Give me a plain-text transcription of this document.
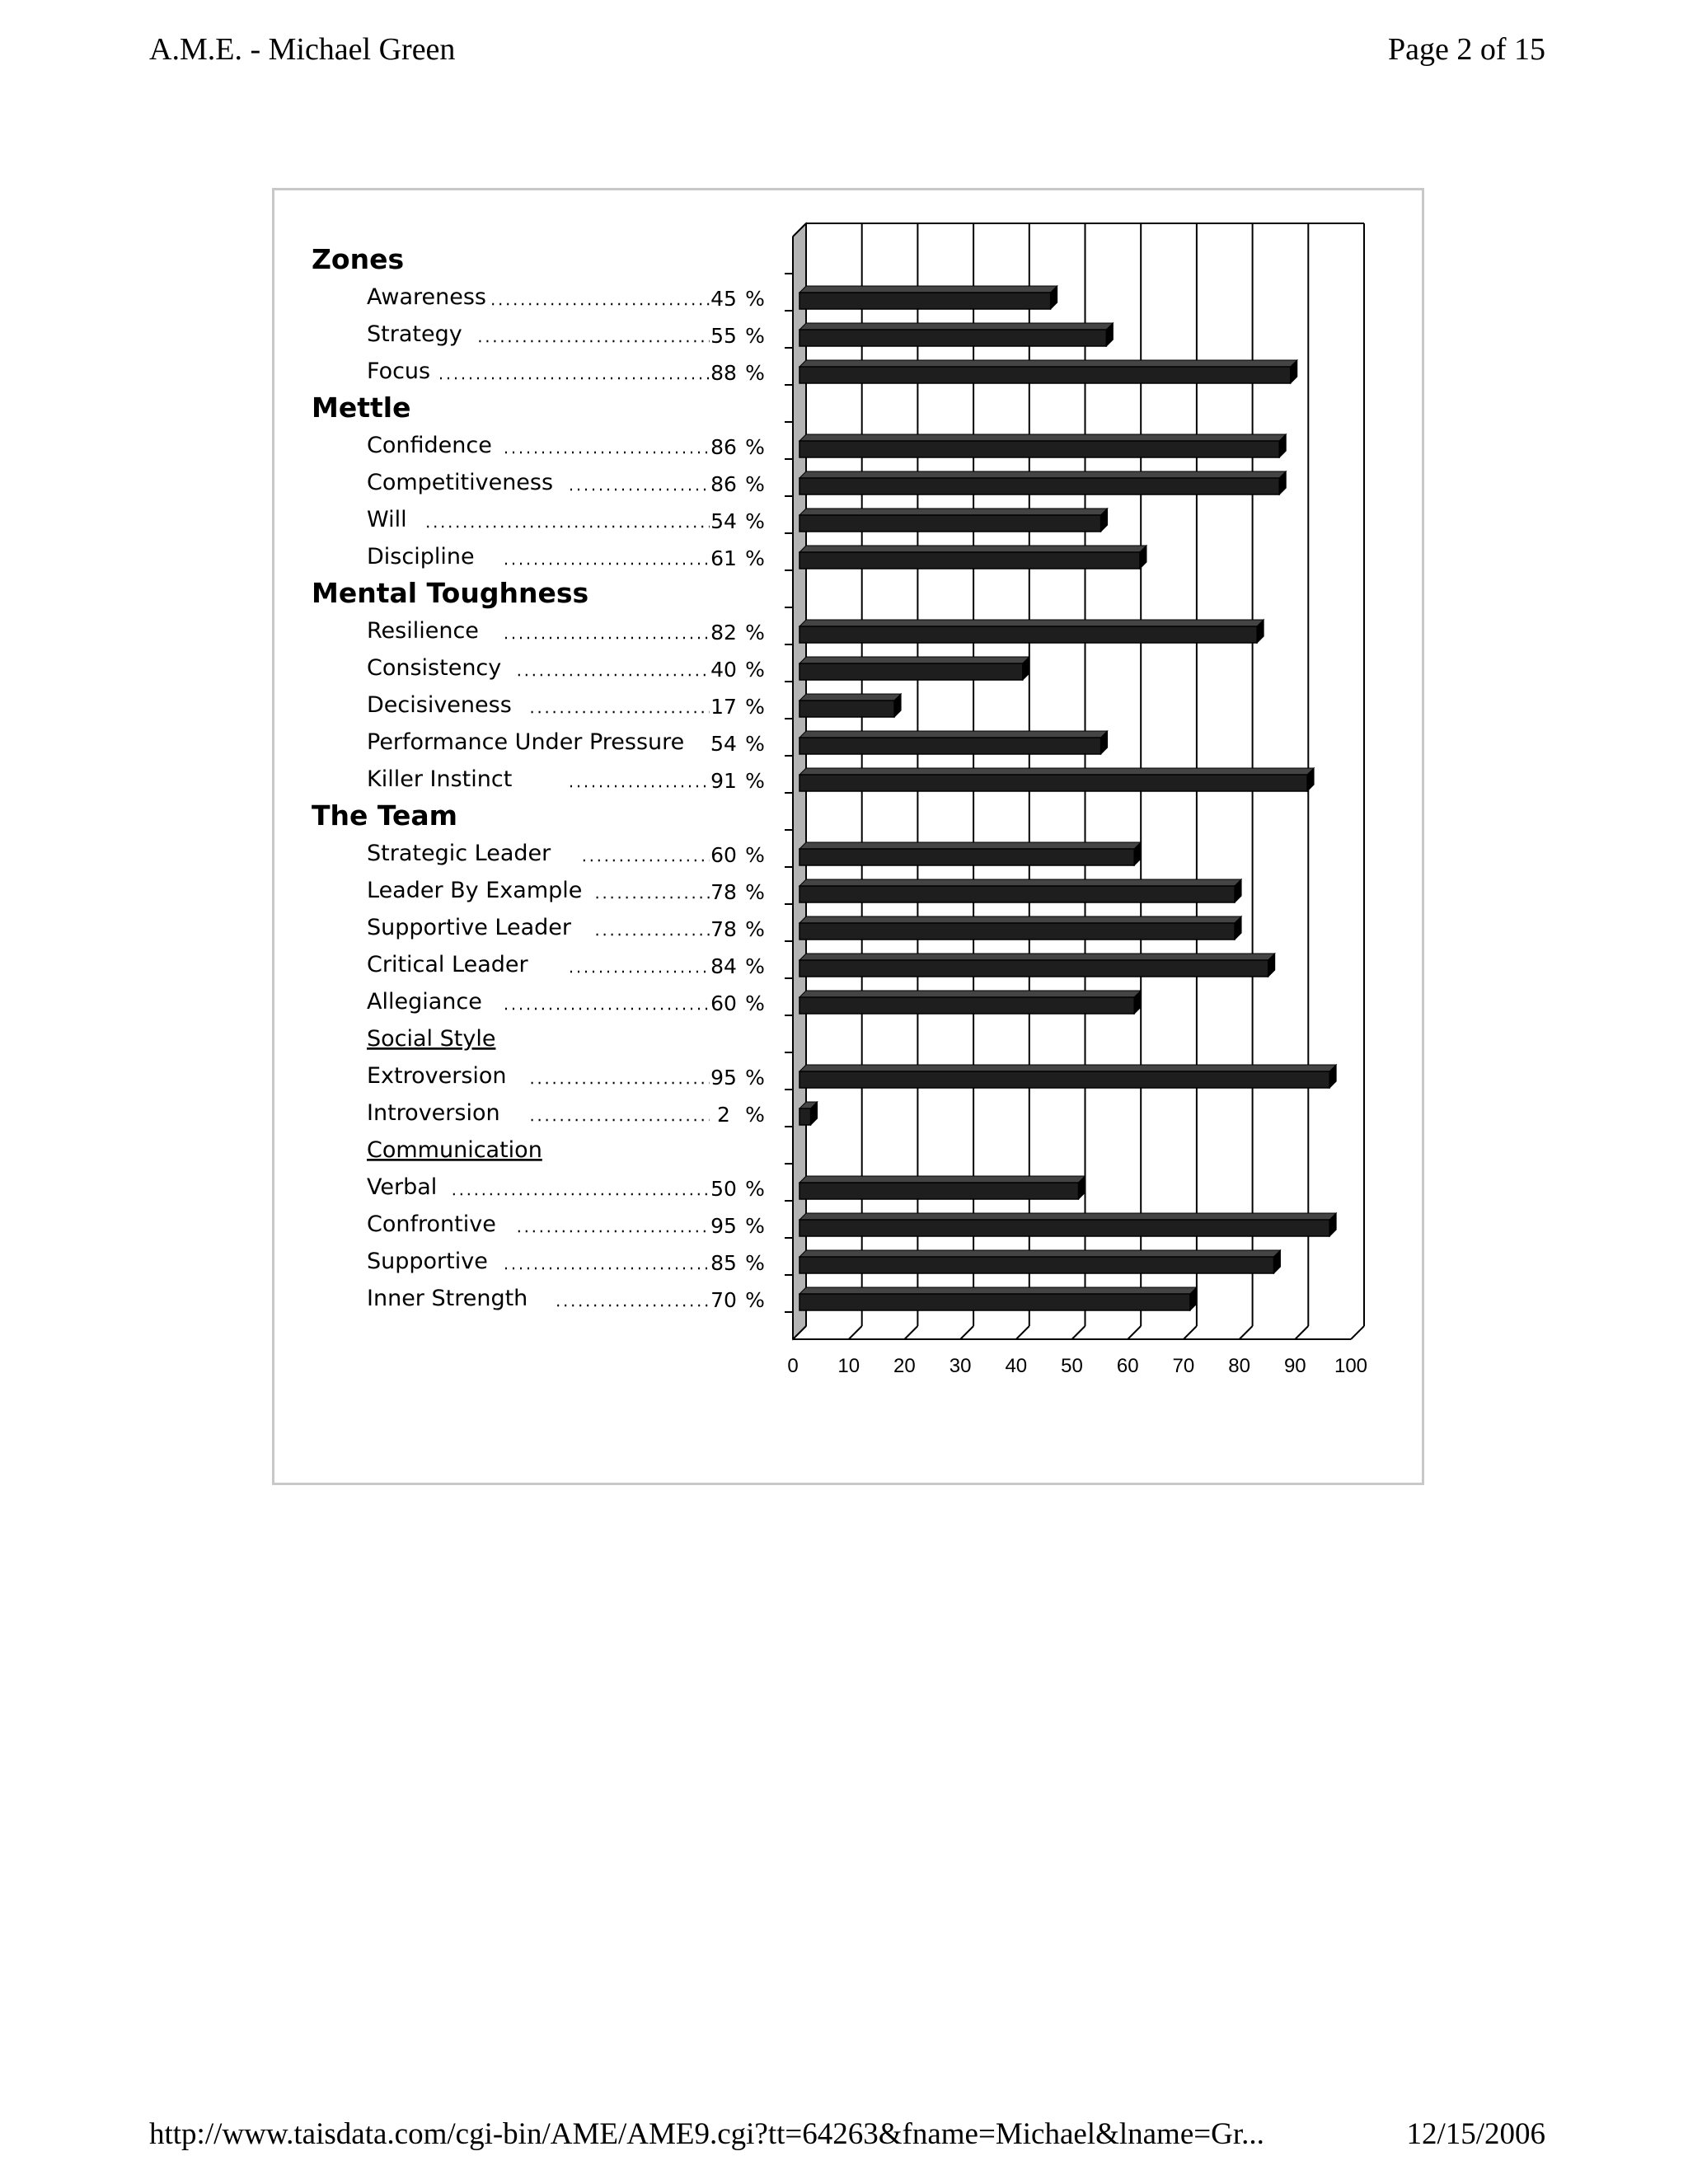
A.M.E. - Michael Green	Page 2 of 15
0 10 20 30 40 50 60 70 80 90 100
Zones
Awareness	45 %
Strategy	55 %
Focus	88 %
Mettle
Confidence	86 %
Competitiveness	86 %
Will	54 %
Discipline	61 %
Mental Toughness
Resilience	82 %
Consistency	40 %
Decisiveness	17 %
Performance Under Pressure 54 %
Killer Instinct	91 %
The Team
Strategic Leader	60 %
Leader By Example	78 %
Supportive Leader	78 %
Critical Leader	84 %
Allegiance	60 %
Social Style
Extroversion	95 %
Introversion	2 %
Communication
Verbal	50 %
Confrontive	95 %
Supportive	85 %
Inner Strength	70 %
http://www.taisdata.com/cgi-bin/AME/AME9.cgi?tt=64263&fname=Michael&lname=Gr...	12/15/2006
